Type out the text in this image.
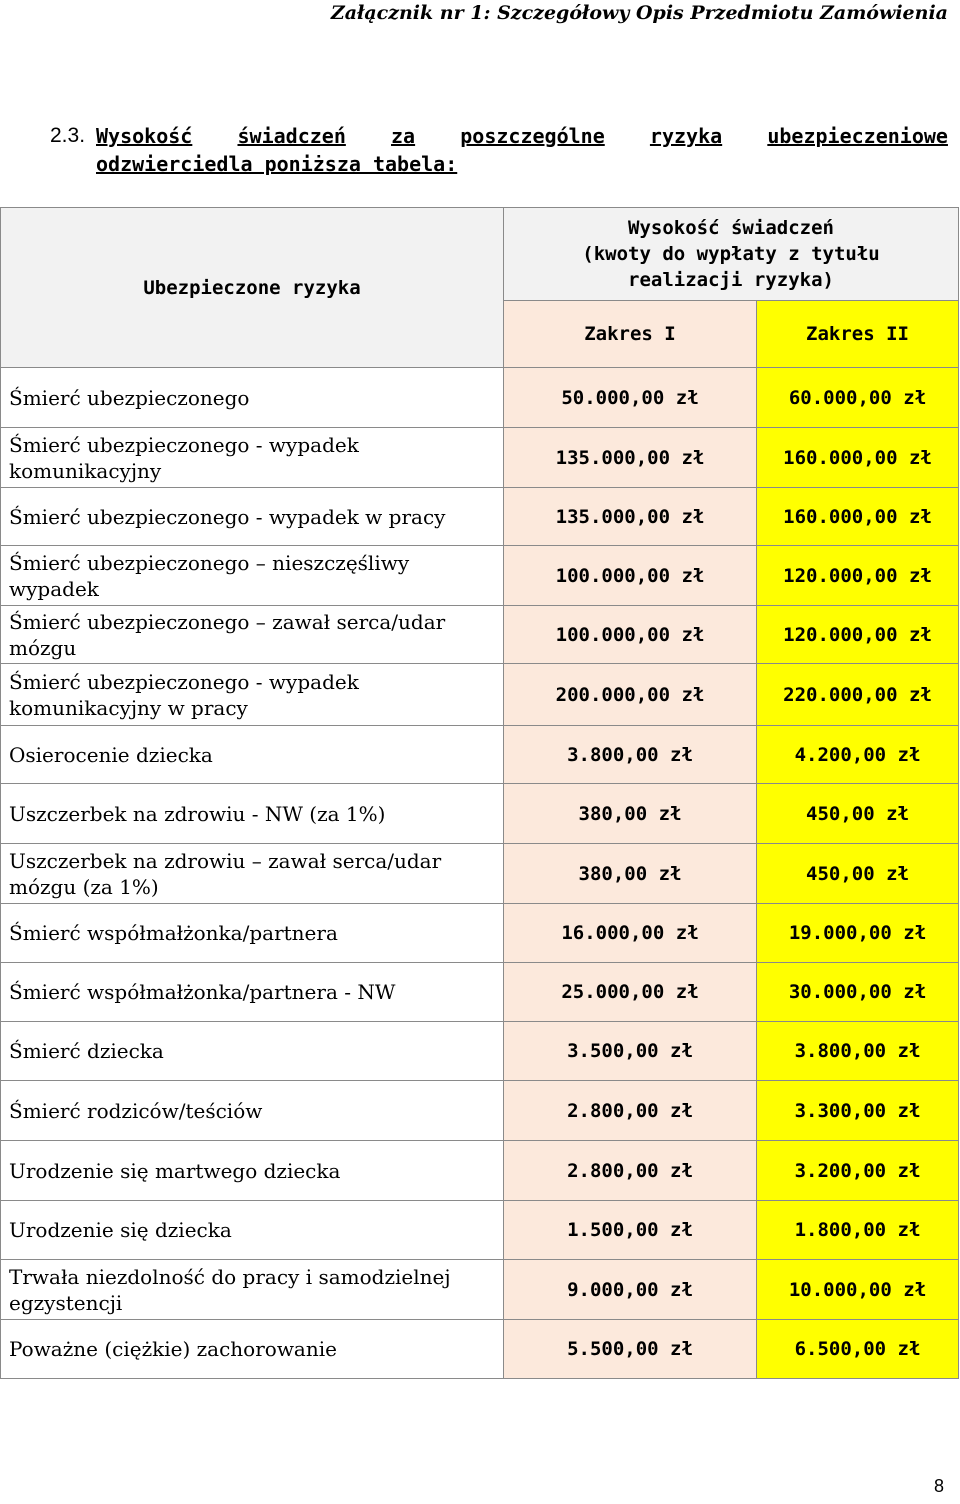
Załącznik nr 1: Szczegółowy Opis Przedmiotu Zamówienia
2.3. Wysokość świadczeń za poszczególne ryzyka ubezpieczeniowe
odzwierciedla poniższa tabela:
Ubezpieczone ryzyka	Wysokość świadczeń
(kwoty do wypłaty z tytułu
realizacji ryzyka)	

	Zakres I	Zakres II
Śmierć ubezpieczonego	50.000,00 zł	60.000,00 zł
Śmierć ubezpieczonego - wypadek komunikacyjny	135.000,00 zł	160.000,00 zł
Śmierć ubezpieczonego - wypadek w pracy	135.000,00 zł	160.000,00 zł
Śmierć ubezpieczonego – nieszczęśliwy wypadek	100.000,00 zł	120.000,00 zł
Śmierć ubezpieczonego – zawał serca/udar mózgu	100.000,00 zł	120.000,00 zł
Śmierć ubezpieczonego - wypadek komunikacyjny w pracy	200.000,00 zł	220.000,00 zł
Osierocenie dziecka	3.800,00 zł	4.200,00 zł
Uszczerbek na zdrowiu - NW (za 1%)	380,00 zł	450,00 zł
Uszczerbek na zdrowiu – zawał serca/udar mózgu (za 1%)	380,00 zł	450,00 zł
Śmierć współmałżonka/partnera	16.000,00 zł	19.000,00 zł
Śmierć współmałżonka/partnera - NW	25.000,00 zł	30.000,00 zł
Śmierć dziecka	3.500,00 zł	3.800,00 zł
Śmierć rodziców/teściów	2.800,00 zł	3.300,00 zł
Urodzenie się martwego dziecka	2.800,00 zł	3.200,00 zł
Urodzenie się dziecka	1.500,00 zł	1.800,00 zł
Trwała niezdolność do pracy i samodzielnej egzystencji	9.000,00 zł	10.000,00 zł
Poważne (ciężkie) zachorowanie	5.500,00 zł	6.500,00 zł
8
